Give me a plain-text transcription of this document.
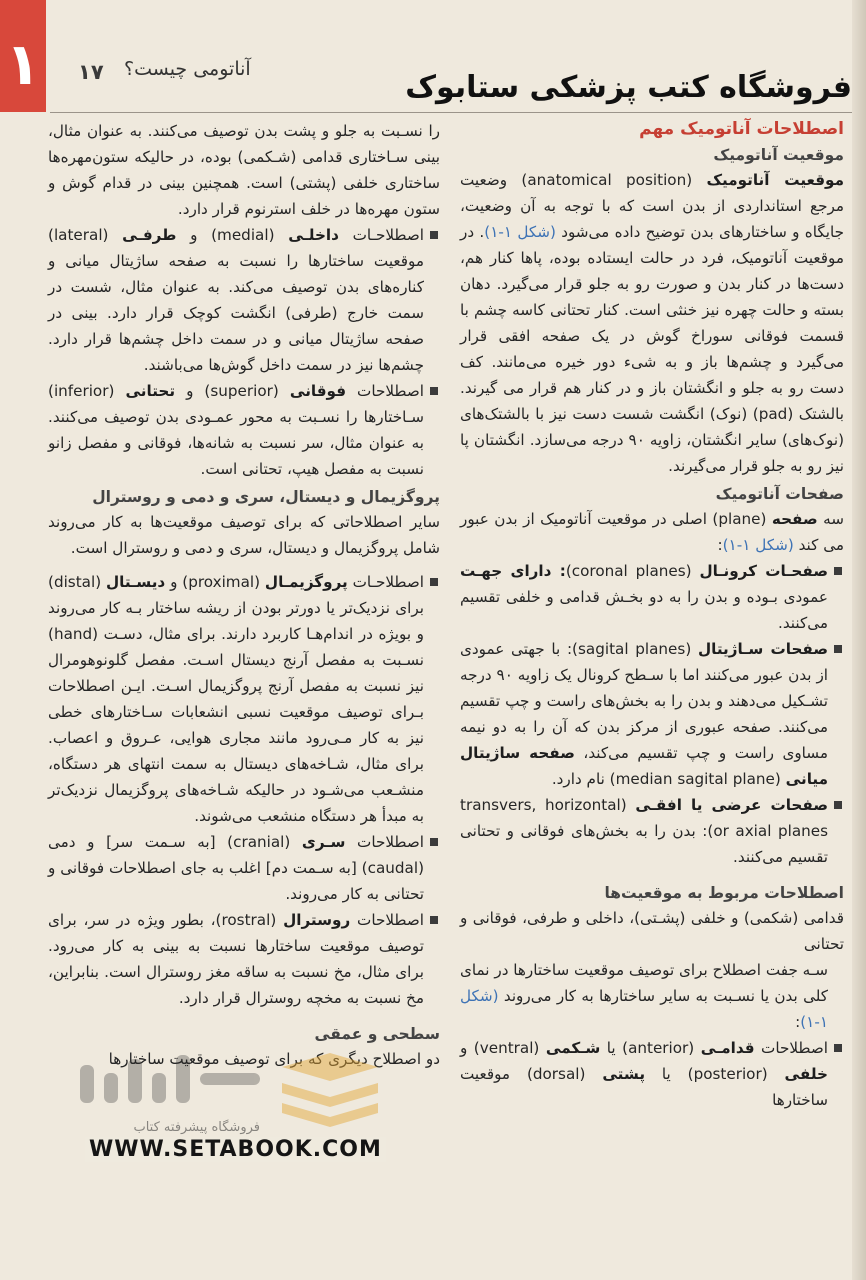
۱ ۱۷ آناتومی چیست؟
فروشگاه کتب پزشکی ستابوک
اصطلاحات آناتومیک مهم
موقعیت آناتومیک
موقعیت آناتومیک (anatomical position) وضعیت مرجع استانداردی از بدن است که با توجه به آن وضعیت، جایگاه و ساختارهای بدن توضیح داده می‌شود (شکل ۱-۱). در موقعیت آناتومیک، فرد در حالت ایستاده بوده، پاها کنار هم، دست‌ها در کنار بدن و صورت رو به جلو قرار می‌گیرد. دهان بسته و حالت چهره نیز خنثی است. کنار تحتانی کاسه چشم با قسمت فوقانی سوراخ گوش در یک صفحه افقی قرار می‌گیرد و چشم‌ها باز و به شیء دور خیره می‌مانند. کف دست رو به جلو و انگشتان باز و در کنار هم قرار می گیرند. بالشتک (pad) (نوک) انگشت شست دست نیز با بالشتک‌های (نوک‌های) سایر انگشتان، زاویه ۹۰ درجه می‌سازد. انگشتان پا نیز رو به جلو قرار می‌گیرند.
صفحات آناتومیک
سه صفحه (plane) اصلی در موقعیت آناتومیک از بدن عبور می کند (شکل ۱-۱):
صفحـات کرونـال (coronal planes): دارای جهـت عمودی بـوده و بدن را به دو بخـش قدامی و خلفی تقسیم می‌کنند.
صفحات سـاژیتال (sagital planes): با جهتی عمودی از بدن عبور می‌کنند اما با سـطح کرونال یک زاویه ۹۰ درجه تشـکیل می‌دهند و بدن را به بخش‌های راست و چپ تقسیم می‌کنند. صفحه عبوری از مرکز بدن که آن را به دو نیمه مساوی راست و چپ تقسیم می‌کند، صفحه ساژیتال میانی (median sagital plane) نام دارد.
صفحات عرضی یا افقـی (transvers, horizontal or axial planes): بدن را به بخش‌های فوقانی و تحتانی تقسیم می‌کنند.
اصطلاحات مربوط به موقعیت‌ها
قدامی (شکمی) و خلفی (پشـتی)، داخلی و طرفی، فوقانی و تحتانی
سـه جفت اصطلاح برای توصیف موقعیت ساختارها در نمای کلی بدن یا نسـبت به سایر ساختارها به کار می‌روند (شکل ۱-۱):
اصطلاحات قدامـی (anterior) یا شـکمی (ventral) و خلفی (posterior) یا پشتی (dorsal) موقعیت ساختارها
را نسـبت به جلو و پشت بدن توصیف می‌کنند. به عنوان مثال، بینی سـاختاری قدامی (شـکمی) بوده، در حالیکه ستون‌مهره‌ها ساختاری خلفی (پشتی) است. همچنین بینی در قدام گوش و ستون مهره‌ها در خلف استرنوم قرار دارد.
اصطلاحـات داخلـی (medial) و طرفـی (lateral) موقعیت ساختارها را نسبت به صفحه ساژیتال میانی و کناره‌های بدن توصیف می‌کند. به عنوان مثال، شست در سمت خارج (طرفی) انگشت کوچک قرار دارد. بینی در صفحه ساژیتال میانی و در سمت داخل چشم‌ها قرار دارد. چشم‌ها نیز در سمت داخل گوش‌ها می‌باشند.
اصطلاحات فوقانی (superior) و تحتانی (inferior) سـاختارها را نسـبت به محور عمـودی بدن توصیف می‌کنند. به عنوان مثال، سر نسبت به شانه‌ها، فوقانی و مفصل زانو نسبت به مفصل هیپ، تحتانی است.
پروگزیمال و دیستال، سری و دمی و روسترال
سایر اصطلاحاتی که برای توصیف موقعیت‌ها به کار می‌روند شامل پروگزیمال و دیستال، سری و دمی و روسترال است.
اصطلاحـات پروگزیمـال (proximal) و دیسـتال (distal) برای نزدیک‌تر یا دورتر بودن از ریشه ساختار بـه کار می‌روند و بویژه در اندام‌هـا کاربرد دارند. برای مثال، دسـت (hand) نسـبت به مفصل آرنج دیستال اسـت. مفصل گلونوهومرال نیز نسبت به مفصل آرنج پروگزیمال اسـت. ایـن اصطلاحات بـرای توصیف موقعیت نسبی انشعابات سـاختارهای خطی نیز به کار مـی‌رود مانند مجاری هوایی، عـروق و اعصاب. برای مثال، شـاخه‌های دیستال به سمت انتهای هر دستگاه، منشـعب می‌شـود در حالیکه شـاخه‌های پروگزیمال نزدیک‌تر به مبدأ هر دستگاه منشعب می‌شوند.
اصطلاحات سـری (cranial) [به سـمت سر] و دمی (caudal) [به سـمت دم] اغلب به جای اصطلاحات فوقانی و تحتانی به کار می‌روند.
اصطلاحات روسترال (rostral)، بطور ویژه در سر، برای توصیف موقعیت ساختارها نسبت به بینی به کار می‌رود. برای مثال، مخ نسبت به ساقه مغز روسترال است. بنابراین، مخ نسبت به مخچه روسترال قرار دارد.
سطحی و عمقی
دو اصطلاح دیگری که برای توصیف موقعیت ساختارها
فروشگاه پیشرفته کتاب
WWW.SETABOOK.COM
